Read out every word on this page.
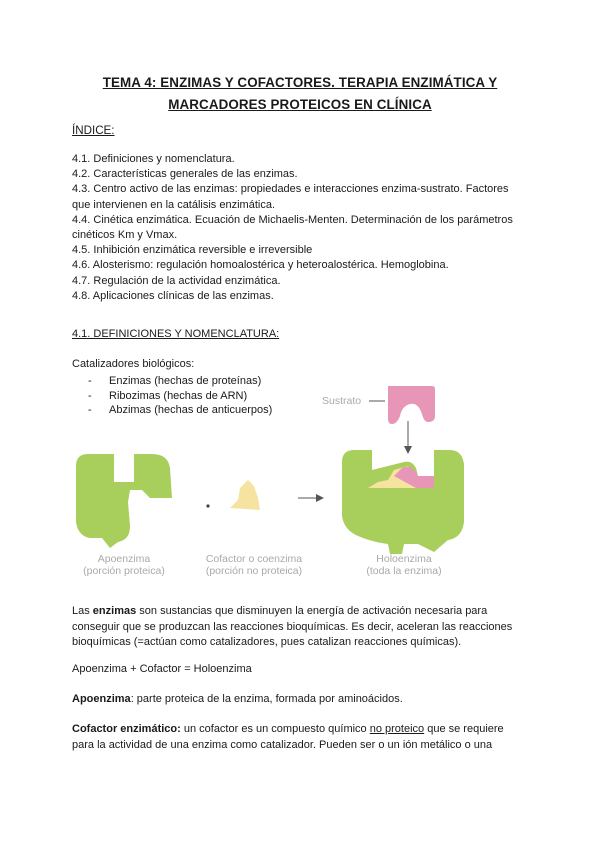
TEMA 4: ENZIMAS Y COFACTORES. TERAPIA ENZIMÁTICA Y
MARCADORES PROTEICOS EN CLÍNICA
ÍNDICE:
4.1. Definiciones y nomenclatura.
4.2. Características generales de las enzimas.
4.3. Centro activo de las enzimas: propiedades e interacciones enzima-sustrato. Factores
que intervienen en la catálisis enzimática.
4.4. Cinética enzimática. Ecuación de Michaelis-Menten. Determinación de los parámetros
cinéticos Km y Vmax.
4.5. Inhibición enzimática reversible e irreversible
4.6. Alosterismo: regulación homoalostérica y heteroalostérica. Hemoglobina.
4.7. Regulación de la actividad enzimática.
4.8. Aplicaciones clínicas de las enzimas.
4.1. DEFINICIONES Y NOMENCLATURA:
Catalizadores biológicos:
- Enzimas (hechas de proteínas)
- Ribozimas (hechas de ARN)
- Abzimas (hechas de anticuerpos)
Sustrato
Apoenzima
(porción proteica)
Cofactor o coenzima
(porción no proteica)
Holoenzima
(toda la enzima)
Las enzimas son sustancias que disminuyen la energía de activación necesaria para
conseguir que se produzcan las reacciones bioquímicas. Es decir, aceleran las reacciones
bioquímicas (=actúan como catalizadores, pues catalizan reacciones químicas).
Apoenzima + Cofactor = Holoenzima
Apoenzima: parte proteica de la enzima, formada por aminoácidos.
Cofactor enzimático: un cofactor es un compuesto químico no proteico que se requiere
para la actividad de una enzima como catalizador. Pueden ser o un ión metálico o una
